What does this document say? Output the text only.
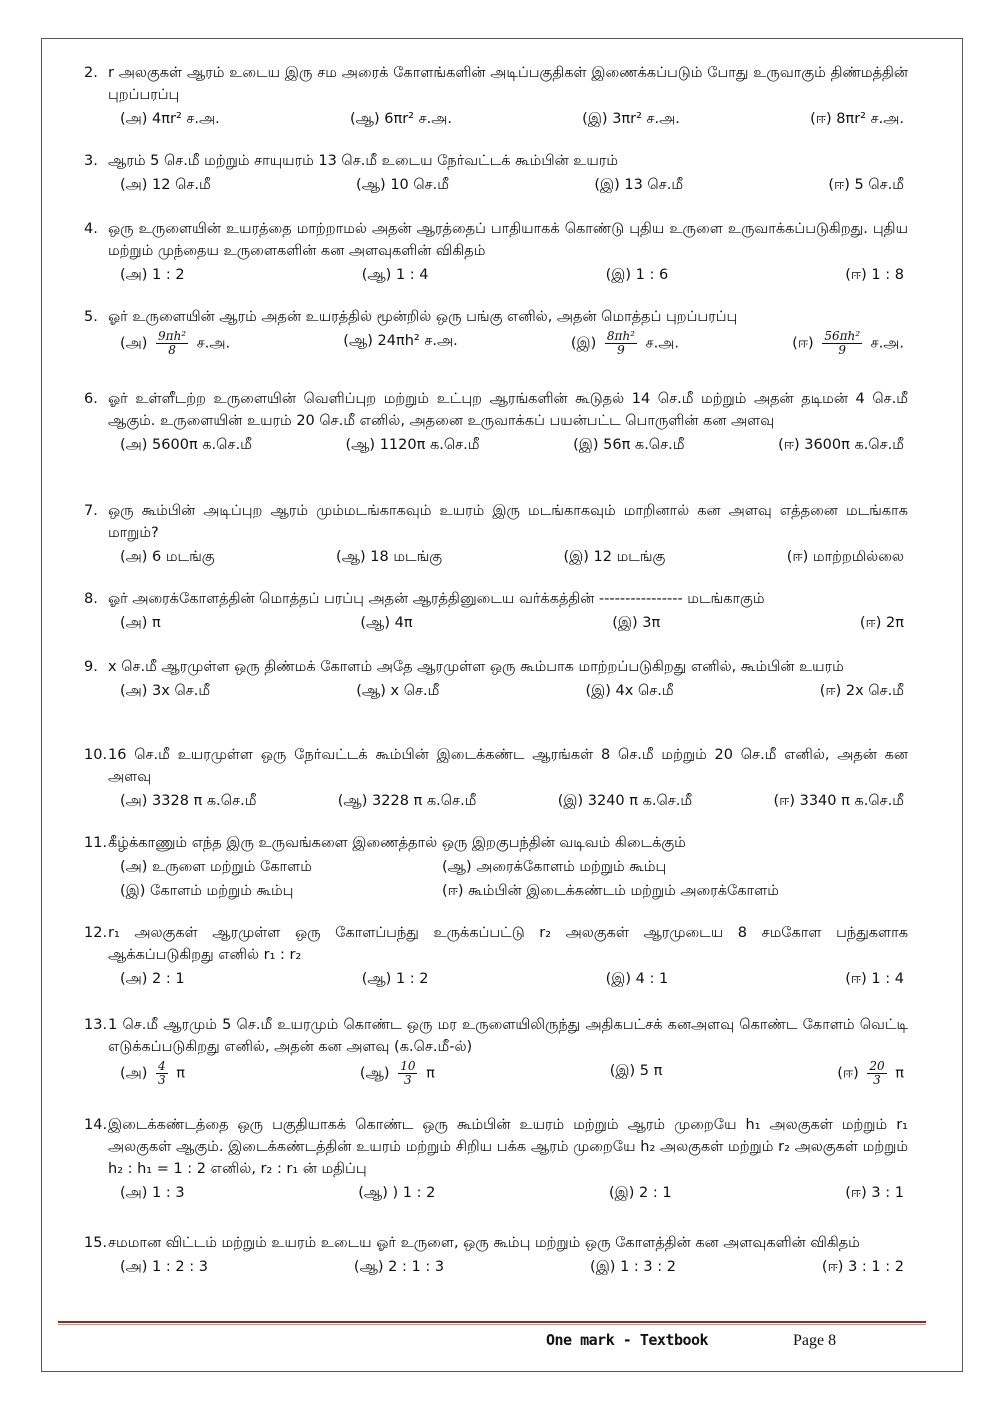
2. r அலகுகள் ஆரம் உடைய இரு சம அரைக் கோளங்களின் அடிப்பகுதிகள் இணைக்கப்படும் போது உருவாகும் திண்மத்தின் புறப்பரப்பு
(அ) 4πr² ச.அ.	(ஆ) 6πr² ச.அ.	(இ) 3πr² ச.அ.	(ஈ) 8πr² ச.அ.
3. ஆரம் 5 செ.மீ மற்றும் சாயுயரம் 13 செ.மீ உடைய நேர்வட்டக் கூம்பின் உயரம்
(அ) 12 செ.மீ	(ஆ) 10 செ.மீ	(இ) 13 செ.மீ	(ஈ) 5 செ.மீ
4. ஒரு உருளையின் உயரத்தை மாற்றாமல் அதன் ஆரத்தைப் பாதியாகக் கொண்டு புதிய உருளை உருவாக்கப்படுகிறது. புதிய மற்றும் முந்தைய உருளைகளின் கன அளவுகளின் விகிதம்
(அ) 1 : 2	(ஆ) 1 : 4	(இ) 1 : 6	(ஈ) 1 : 8
5. ஓர் உருளையின் ஆரம் அதன் உயரத்தில் மூன்றில் ஒரு பங்கு எனில், அதன் மொத்தப் புறப்பரப்பு
(அ) $\frac{\text{9πh²}}{8}$ ச.அ.	(ஆ) 24πh² ச.அ.	(இ) $\frac{\text{8πh²}}{9}$ ச.அ.	(ஈ) $\frac{\text{56πh²}}{9}$ ச.அ.
6. ஓர் உள்ளீடற்ற உருளையின் வெளிப்புற மற்றும் உட்புற ஆரங்களின் கூடுதல் 14 செ.மீ மற்றும் அதன் தடிமன் 4 செ.மீ ஆகும். உருளையின் உயரம் 20 செ.மீ எனில், அதனை உருவாக்கப் பயன்பட்ட பொருளின் கன அளவு
(அ) 5600π க.செ.மீ	(ஆ) 1120π க.செ.மீ	(இ) 56π க.செ.மீ	(ஈ) 3600π க.செ.மீ
7. ஒரு கூம்பின் அடிப்புற ஆரம் மும்மடங்காகவும் உயரம் இரு மடங்காகவும் மாறினால் கன அளவு எத்தனை மடங்காக மாறும்?
(அ) 6 மடங்கு	(ஆ) 18 மடங்கு	(இ) 12 மடங்கு	(ஈ) மாற்றமில்லை
8. ஓர் அரைக்கோளத்தின் மொத்தப் பரப்பு அதன் ஆரத்தினுடைய வர்க்கத்தின் ---------------- மடங்காகும்
(அ) π	(ஆ) 4π	(இ) 3π	(ஈ) 2π
9. x செ.மீ ஆரமுள்ள ஒரு திண்மக் கோளம் அதே ஆரமுள்ள ஒரு கூம்பாக மாற்றப்படுகிறது எனில், கூம்பின் உயரம்
(அ) 3x செ.மீ	(ஆ) x செ.மீ	(இ) 4x செ.மீ	(ஈ) 2x செ.மீ
10. 16 செ.மீ உயரமுள்ள ஒரு நேர்வட்டக் கூம்பின் இடைக்கண்ட ஆரங்கள் 8 செ.மீ மற்றும் 20 செ.மீ எனில், அதன் கன அளவு
(அ) 3328 π க.செ.மீ	(ஆ) 3228 π க.செ.மீ	(இ) 3240 π க.செ.மீ	(ஈ) 3340 π க.செ.மீ
11. கீழ்க்காணும் எந்த இரு உருவங்களை இணைத்தால் ஒரு இறகுபந்தின் வடிவம் கிடைக்கும்
(அ) உருளை மற்றும் கோளம்	(ஆ) அரைக்கோளம் மற்றும் கூம்பு
(இ) கோளம் மற்றும் கூம்பு	(ஈ) கூம்பின் இடைக்கண்டம் மற்றும் அரைக்கோளம்
12. r₁ அலகுகள் ஆரமுள்ள ஒரு கோளப்பந்து உருக்கப்பட்டு r₂ அலகுகள் ஆரமுடைய 8 சமகோள பந்துகளாக ஆக்கப்படுகிறது எனில் r₁ : r₂
(அ) 2 : 1	(ஆ) 1 : 2	(இ) 4 : 1	(ஈ) 1 : 4
13. 1 செ.மீ ஆரமும் 5 செ.மீ உயரமும் கொண்ட ஒரு மர உருளையிலிருந்து அதிகபட்சக் கனஅளவு கொண்ட கோளம் வெட்டி எடுக்கப்படுகிறது எனில், அதன் கன அளவு (க.செ.மீ-ல்)
(அ) $\frac{4}{3}$ π	(ஆ) $\frac{10}{3}$ π	(இ) 5 π	(ஈ) $\frac{20}{3}$ π
14. இடைக்கண்டத்தை ஒரு பகுதியாகக் கொண்ட ஒரு கூம்பின் உயரம் மற்றும் ஆரம் முறையே h₁ அலகுகள் மற்றும் r₁ அலகுகள் ஆகும். இடைக்கண்டத்தின் உயரம் மற்றும் சிறிய பக்க ஆரம் முறையே h₂ அலகுகள் மற்றும் r₂ அலகுகள் மற்றும் h₂ : h₁ = 1 : 2 எனில், r₂ : r₁ ன் மதிப்பு
(அ) 1 : 3	(ஆ) ) 1 : 2	(இ) 2 : 1	(ஈ) 3 : 1
15. சமமான விட்டம் மற்றும் உயரம் உடைய ஓர் உருளை, ஒரு கூம்பு மற்றும் ஒரு கோளத்தின் கன அளவுகளின் விகிதம்
(அ) 1 : 2 : 3	(ஆ) 2 : 1 : 3	(இ) 1 : 3 : 2	(ஈ) 3 : 1 : 2
One mark - Textbook	Page 8
